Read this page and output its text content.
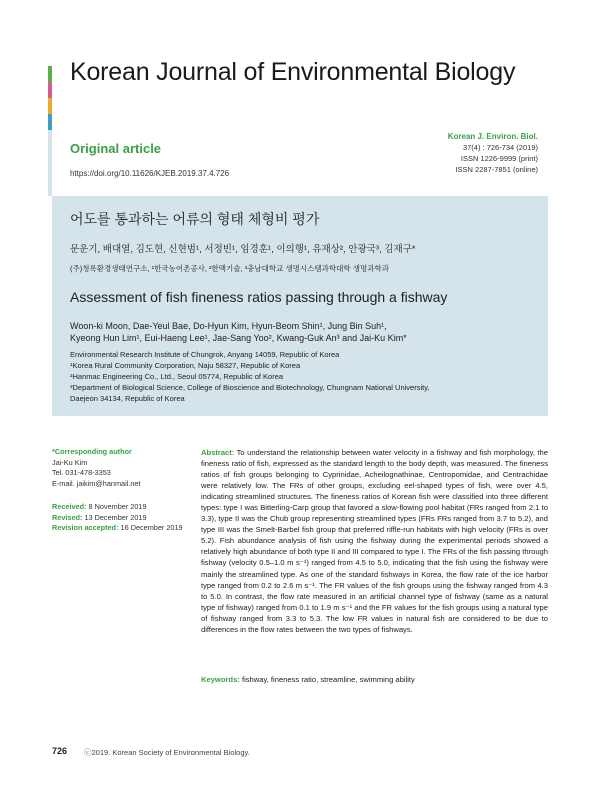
Korean Journal of Environmental Biology
Original article
https://doi.org/10.11626/KJEB.2019.37.4.726
Korean J. Environ. Biol.
37(4) : 726-734 (2019)
ISSN 1226-9999 (print)
ISSN 2287-7851 (online)
어도를 통과하는 어류의 형태 체형비 평가
문운기, 배대열, 김도현, 신현범¹, 서정빈¹, 임경훈¹, 이의행¹, 유재상², 안광국³, 김재구*
(주)청록환경생태연구소, ¹한국농어촌공사, ²한맥기술, ³충남대학교 생명시스템과학대학 생명과학과
Assessment of fish fineness ratios passing through a fishway
Woon-ki Moon, Dae-Yeul Bae, Do-Hyun Kim, Hyun-Beom Shin¹, Jung Bin Suh¹,
Kyeong Hun Lim¹, Eui-Haeng Lee¹, Jae-Sang Yoo², Kwang-Guk An³ and Jai-Ku Kim*
Environmental Research Institute of Chungrok, Anyang 14059, Republic of Korea
¹Korea Rural Community Corporation, Naju 58327, Republic of Korea
²Hanmac Engineering Co., Ltd., Seoul 05774, Republic of Korea
³Department of Biological Science, College of Bioscience and Biotechnology, Chungnam National University,
Daejeon 34134, Republic of Korea
*Corresponding author
Jai-Ku Kim
Tel. 031-478-3353
E-mail. jaikim@hanmail.net
Received: 8 November 2019
Revised: 13 December 2019
Revision accepted: 16 December 2019

Abstract: To understand the relationship between water velocity in a fishway and fish morphology, the fineness ratio of fish, expressed as the standard length to the body depth, was measured. The fineness ratios of fish groups belonging to Cyprinidae, Acheilognathinae, Centropomidae, and Centrachidae were relatively low. The FRs of other groups, excluding eel-shaped types of fish, were over 4.5, indicating streamlined structures. The fineness ratios of Korean fish were classified into three different types: type I was Bitterling-Carp group that favored a slow-flowing pool habitat (FRs ranged from 2.1 to 3.3), type II was the Chub group representing streamlined types (FRs FRs ranged from 3.7 to 5.2), and type III was the Smelt-Barbel fish group that preferred riffle-run habitats with high velocity (FRs is over 5.2). Fish abundance analysis of fish using the fishway during the experimental periods showed a relatively high abundance of both type II and III compared to type I. The FRs of the fish passing through fishway (velocity 0.5–1.0 m s⁻¹) ranged from 4.5 to 5.0, indicating that the fish using the fishway were mainly the streamlined type. As one of the standard fishways in Korea, the flow rate of the ice harbor type ranged from 0.2 to 2.6 m s⁻¹. The FR values of the fish groups using the fishway ranged from 4.3 to 5.0. In contrast, the flow rate measured in an artificial channel type of fishway (same as a natural type of fishway) ranged from 0.1 to 1.9 m s⁻¹ and the FR values for the fish groups using a natural type of fishway ranged from 3.3 to 5.3. The low FR values in natural fish are considered to be due to differences in the flow rates between the two types of fishways.

Keywords: fishway, fineness ratio, streamline, swimming ability
726 ⓒ2019. Korean Society of Environmental Biology.
